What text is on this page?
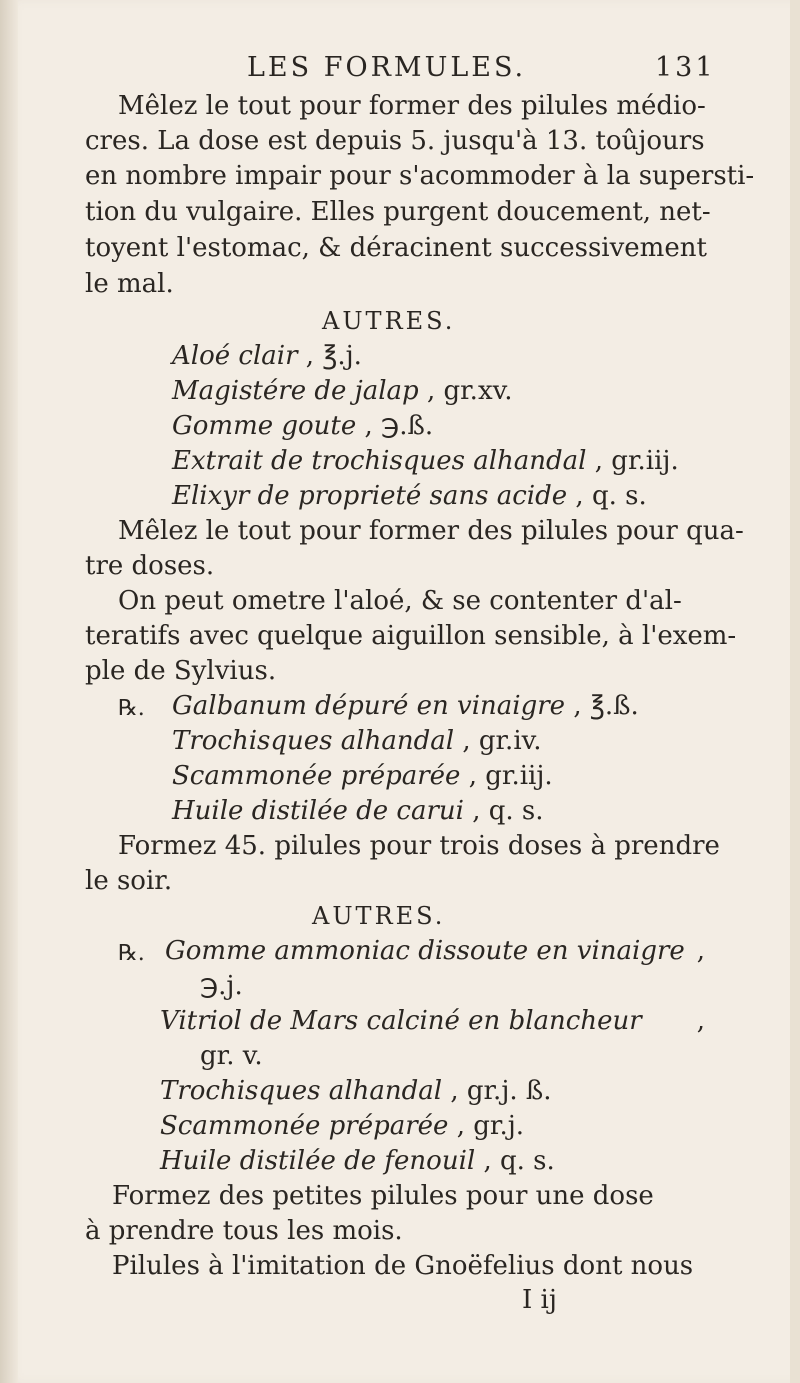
LES FORMULES.	131
Mêlez le tout pour former des pilules médio-
cres. La dose est depuis 5. jusqu'à 13. toûjours
en nombre impair pour s'acommoder à la supersti-
tion du vulgaire. Elles purgent doucement, net-
toyent l'estomac, & déracinent successivement
le mal.
AUTRES.
Aloé clair , ℥.j.
Magistére de jalap , gr.xv.
Gomme goute , ℈.ß.
Extrait de trochisques alhandal , gr.iij.
Elixyr de proprieté sans acide , q. s.
Mêlez le tout pour former des pilules pour qua-
tre doses.
On peut ometre l'aloé, & se contenter d'al-
teratifs avec quelque aiguillon sensible, à l'exem-
ple de Sylvius.
℞. Galbanum dépuré en vinaigre , ℥.ß.
Trochisques alhandal , gr.iv.
Scammonée préparée , gr.iij.
Huile distilée de carui , q. s.
Formez 45. pilules pour trois doses à prendre
le soir.
AUTRES.
℞. Gomme ammoniac dissoute en vinaigre ,
℈.j.
Vitriol de Mars calciné en blancheur ,
gr. v.
Trochisques alhandal , gr.j. ß.
Scammonée préparée , gr.j.
Huile distilée de fenouil , q. s.
Formez des petites pilules pour une dose
à prendre tous les mois.
Pilules à l'imitation de Gnoëfelius dont nous
I ij
